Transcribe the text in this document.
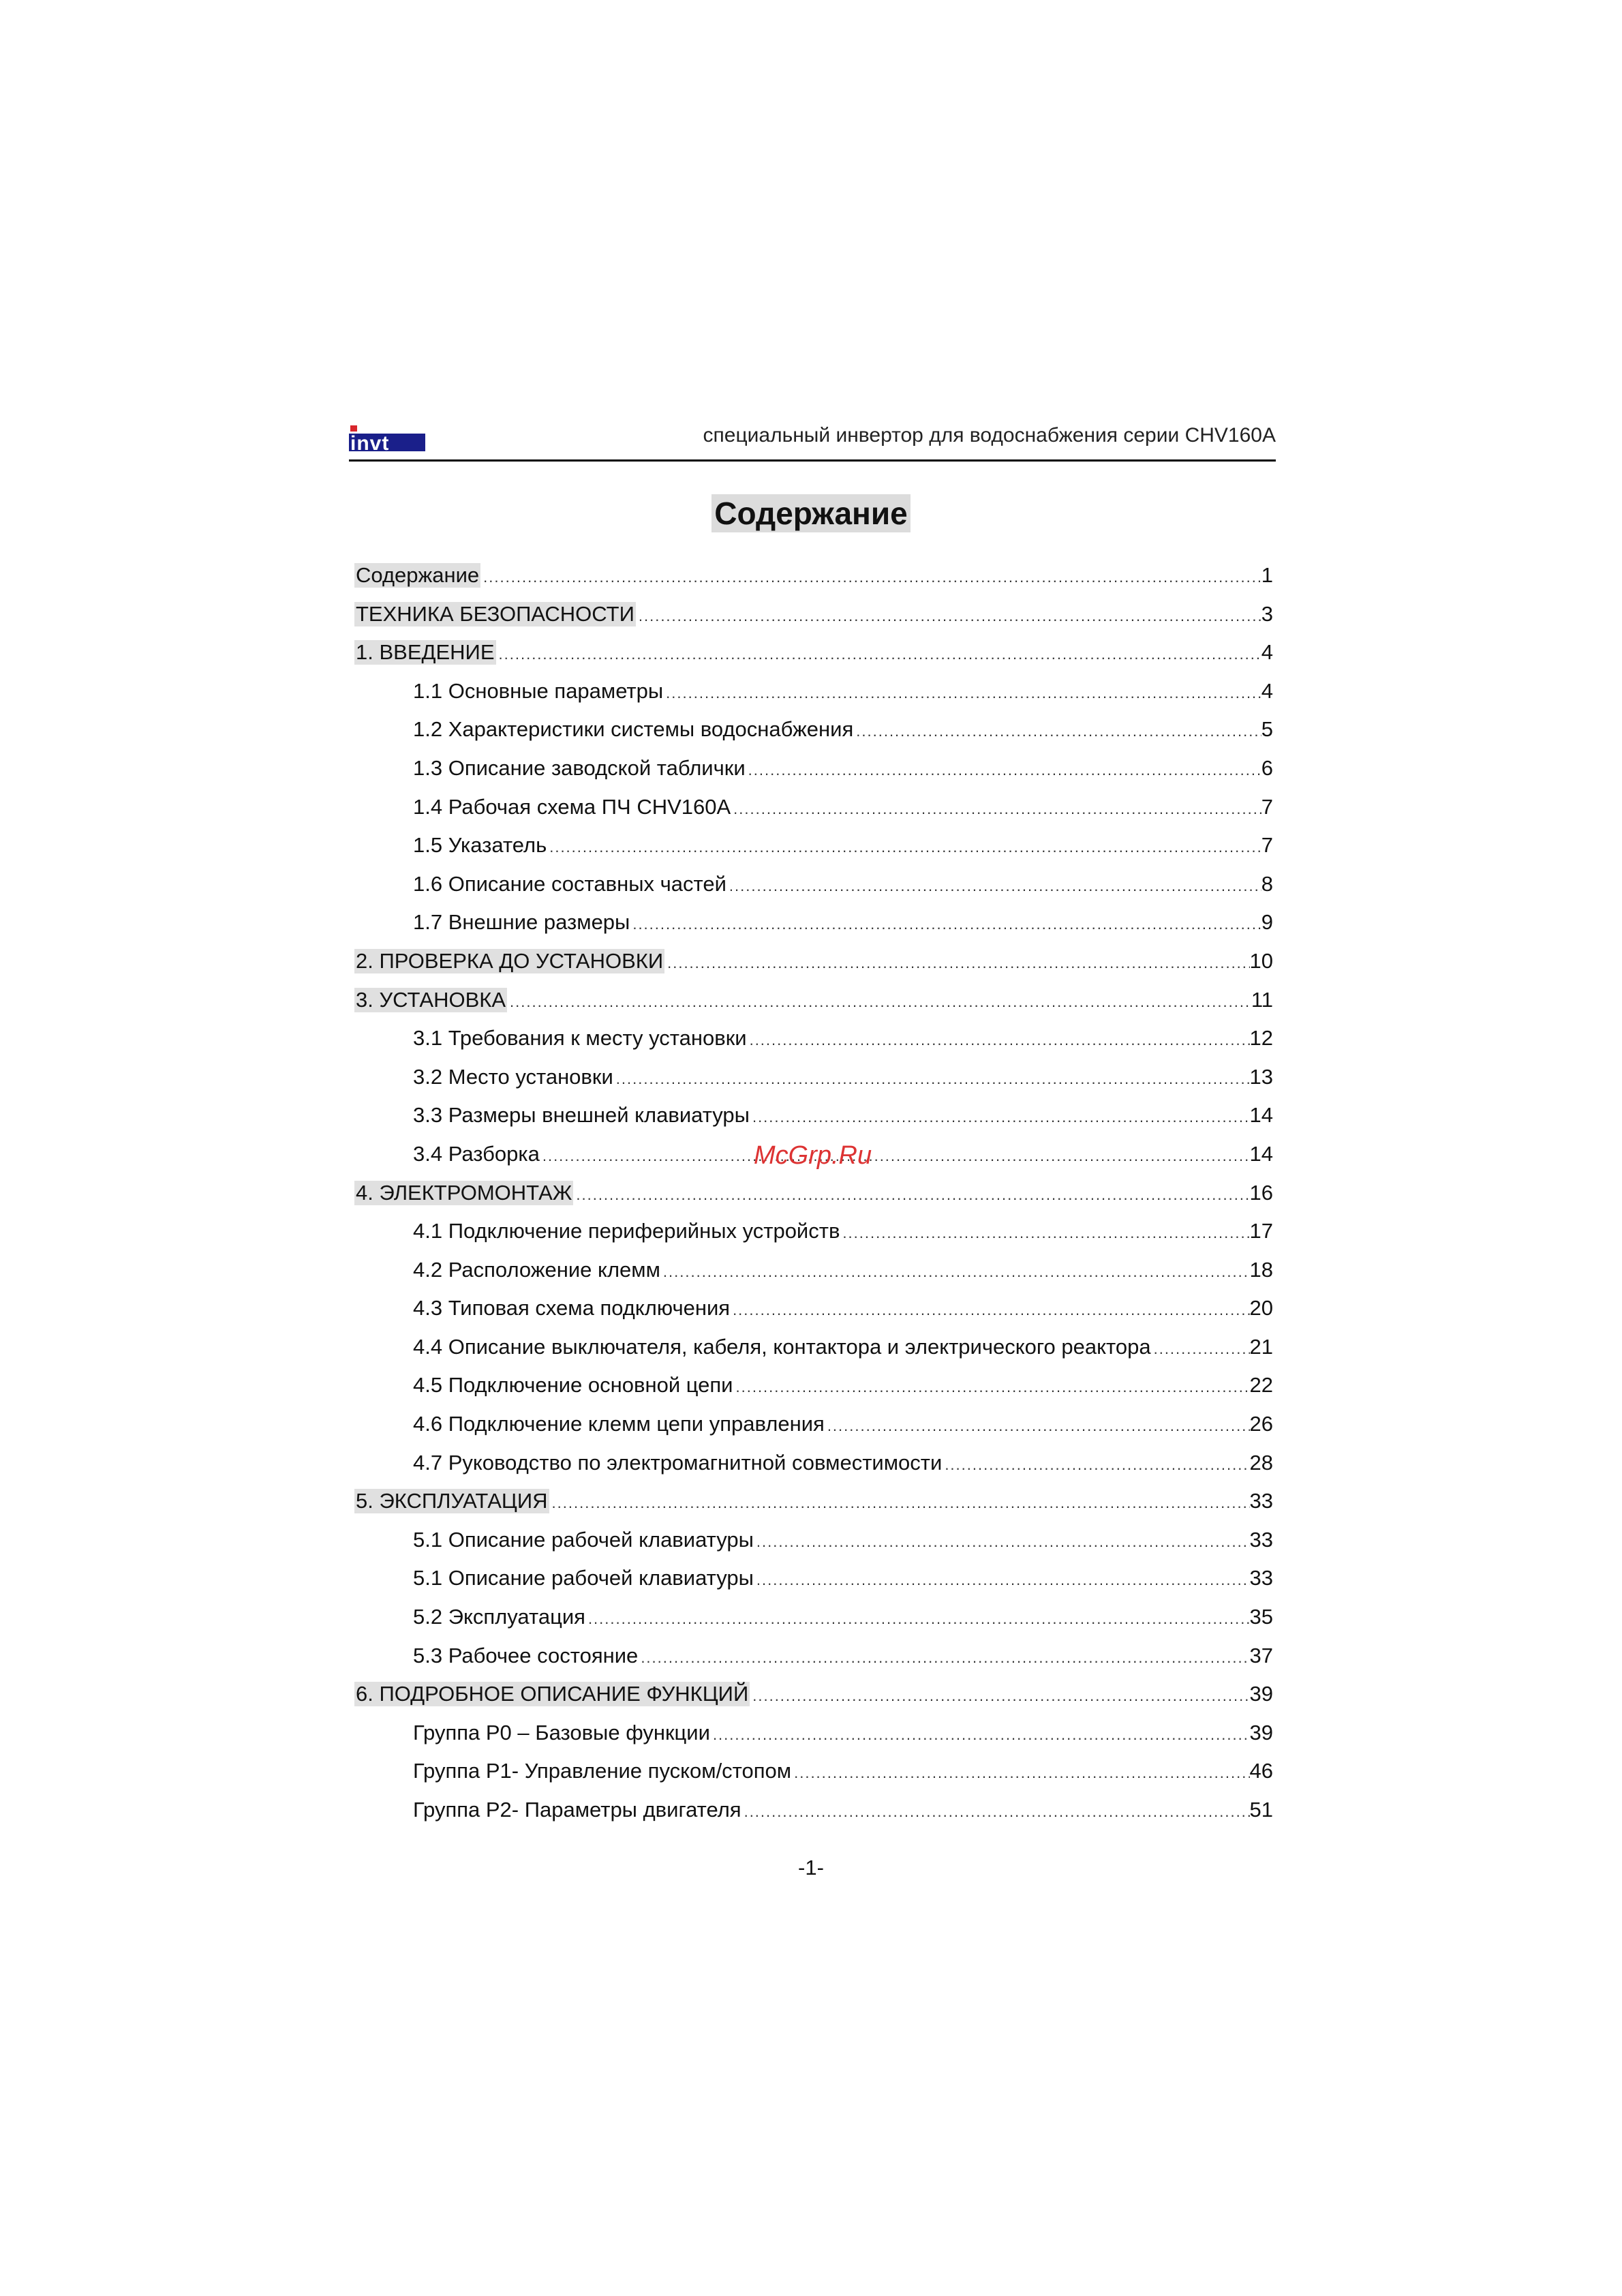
invt	специальный инвертор для водоснабжения серии CHV160A
Содержание
Содержание .....	1
ТЕХНИКА БЕЗОПАСНОСТИ .....	3
1. ВВЕДЕНИЕ .....	4
1.1 Основные параметры .....	4
1.2 Характеристики системы водоснабжения .....	5
1.3 Описание заводской таблички .....	6
1.4 Рабочая схема ПЧ CHV160A .....	7
1.5 Указатель .....	7
1.6 Описание составных частей .....	8
1.7 Внешние размеры .....	9
2. ПРОВЕРКА ДО УСТАНОВКИ .....	10
3. УСТАНОВКА .....	11
3.1 Требования к месту установки .....	12
3.2 Место установки .....	13
3.3 Размеры внешней клавиатуры .....	14
3.4 Разборка .....	14
4. ЭЛЕКТРОМОНТАЖ .....	16
4.1 Подключение периферийных устройств .....	17
4.2 Расположение клемм .....	18
4.3 Типовая схема подключения .....	20
4.4 Описание выключателя, кабеля, контактора и электрического реактора .....	21
4.5 Подключение основной цепи .....	22
4.6 Подключение клемм цепи управления .....	26
4.7 Руководство по электромагнитной совместимости .....	28
5. ЭКСПЛУАТАЦИЯ .....	33
5.1 Описание рабочей клавиатуры .....	33
5.1 Описание рабочей клавиатуры .....	33
5.2 Эксплуатация .....	35
5.3 Рабочее состояние .....	37
6. ПОДРОБНОЕ ОПИСАНИЕ ФУНКЦИЙ .....	39
Группа P0 – Базовые функции .....	39
Группа P1- Управление пуском/стопом .....	46
Группа P2- Параметры двигателя .....	51
McGrp.Ru
-1-
